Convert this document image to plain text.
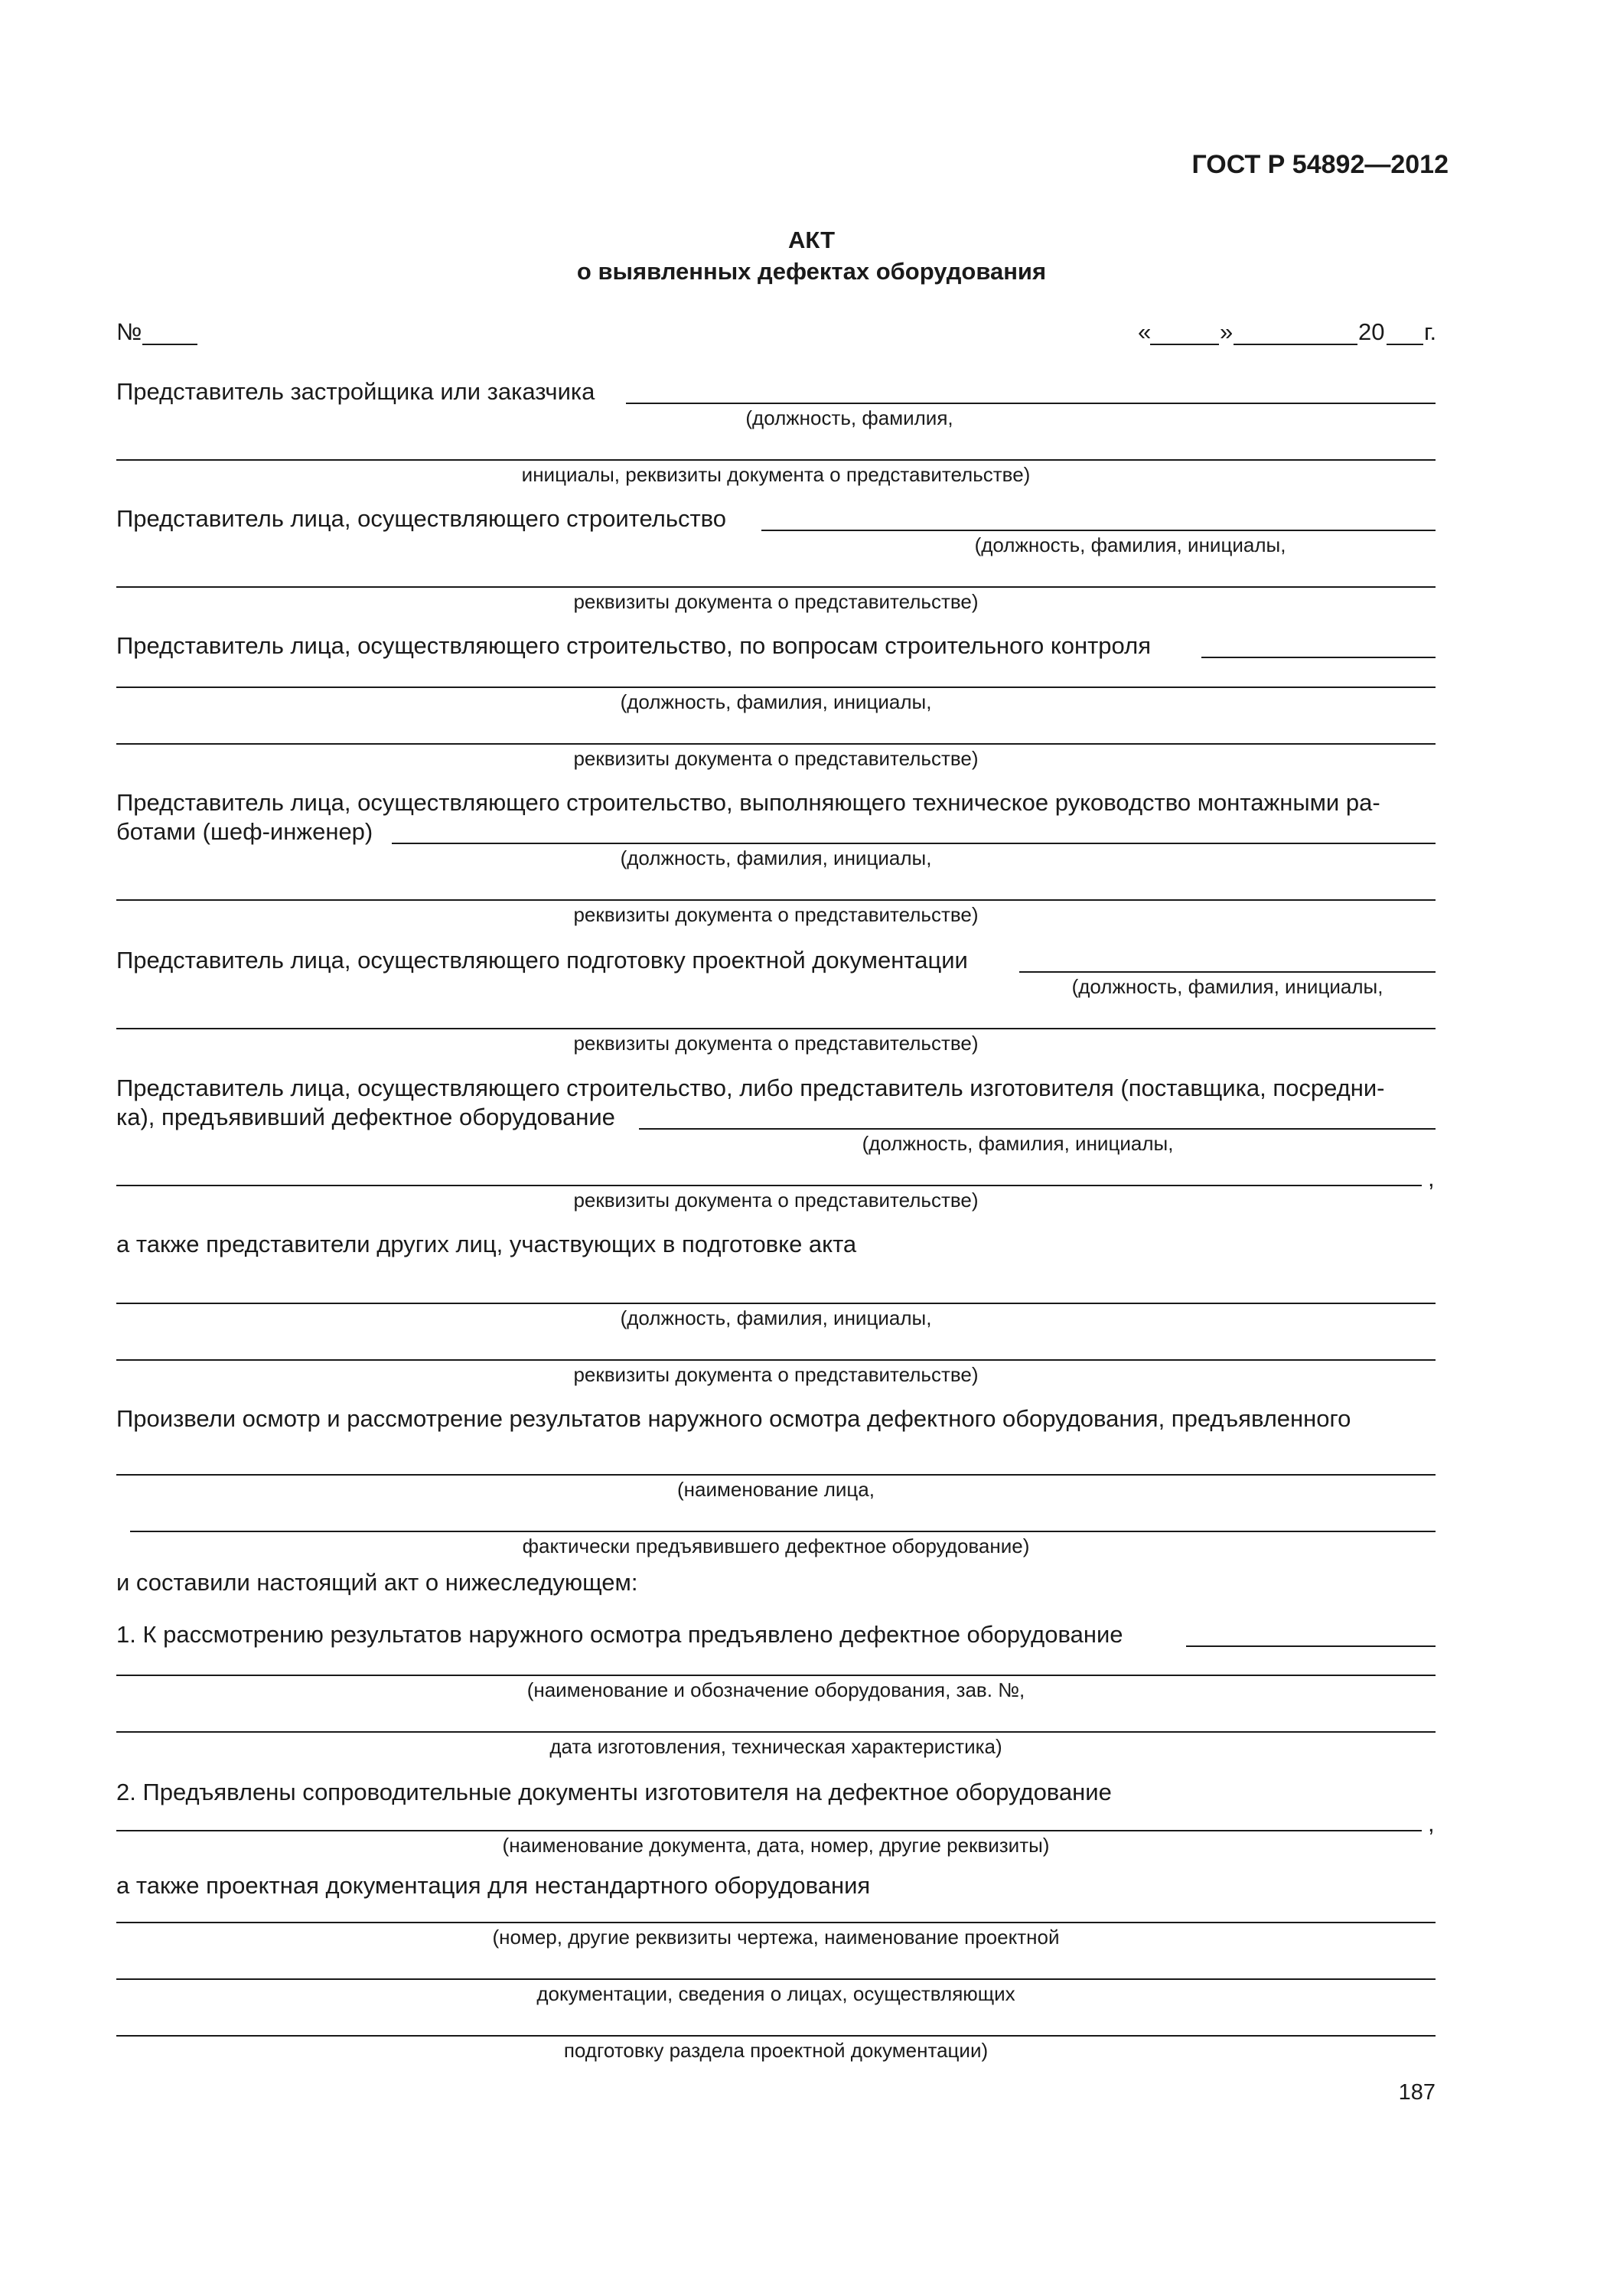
ГОСТ Р 54892—2012
АКТ
о выявленных дефектах оборудования
№	«	»	20 г.
Представитель застройщика или заказчика
(должность, фамилия,
инициалы, реквизиты документа о представительстве)
Представитель лица, осуществляющего строительство
(должность, фамилия, инициалы,
реквизиты документа о представительстве)
Представитель лица, осуществляющего строительство, по вопросам строительного контроля
(должность, фамилия, инициалы,
реквизиты документа о представительстве)
Представитель лица, осуществляющего строительство, выполняющего техническое руководство монтажными ра-
ботами (шеф-инженер)
(должность, фамилия, инициалы,
реквизиты документа о представительстве)
Представитель лица, осуществляющего подготовку проектной документации
(должность, фамилия, инициалы,
реквизиты документа о представительстве)
Представитель лица, осуществляющего строительство, либо представитель изготовителя (поставщика, посредни-
ка), предъявивший дефектное оборудование
(должность, фамилия, инициалы,
,
реквизиты документа о представительстве)
а также представители других лиц, участвующих в подготовке акта
(должность, фамилия, инициалы,
реквизиты документа о представительстве)
Произвели осмотр и рассмотрение результатов наружного осмотра дефектного оборудования, предъявленного
(наименование лица,
фактически предъявившего дефектное оборудование)
и составили настоящий акт о нижеследующем:
1. К рассмотрению результатов наружного осмотра предъявлено дефектное оборудование
(наименование и обозначение оборудования, зав. №,
дата изготовления, техническая характеристика)
2. Предъявлены сопроводительные документы изготовителя на дефектное оборудование
,
(наименование документа, дата, номер, другие реквизиты)
а также проектная документация для нестандартного оборудования
(номер, другие реквизиты чертежа, наименование проектной
документации, сведения о лицах, осуществляющих
подготовку раздела проектной документации)
187
